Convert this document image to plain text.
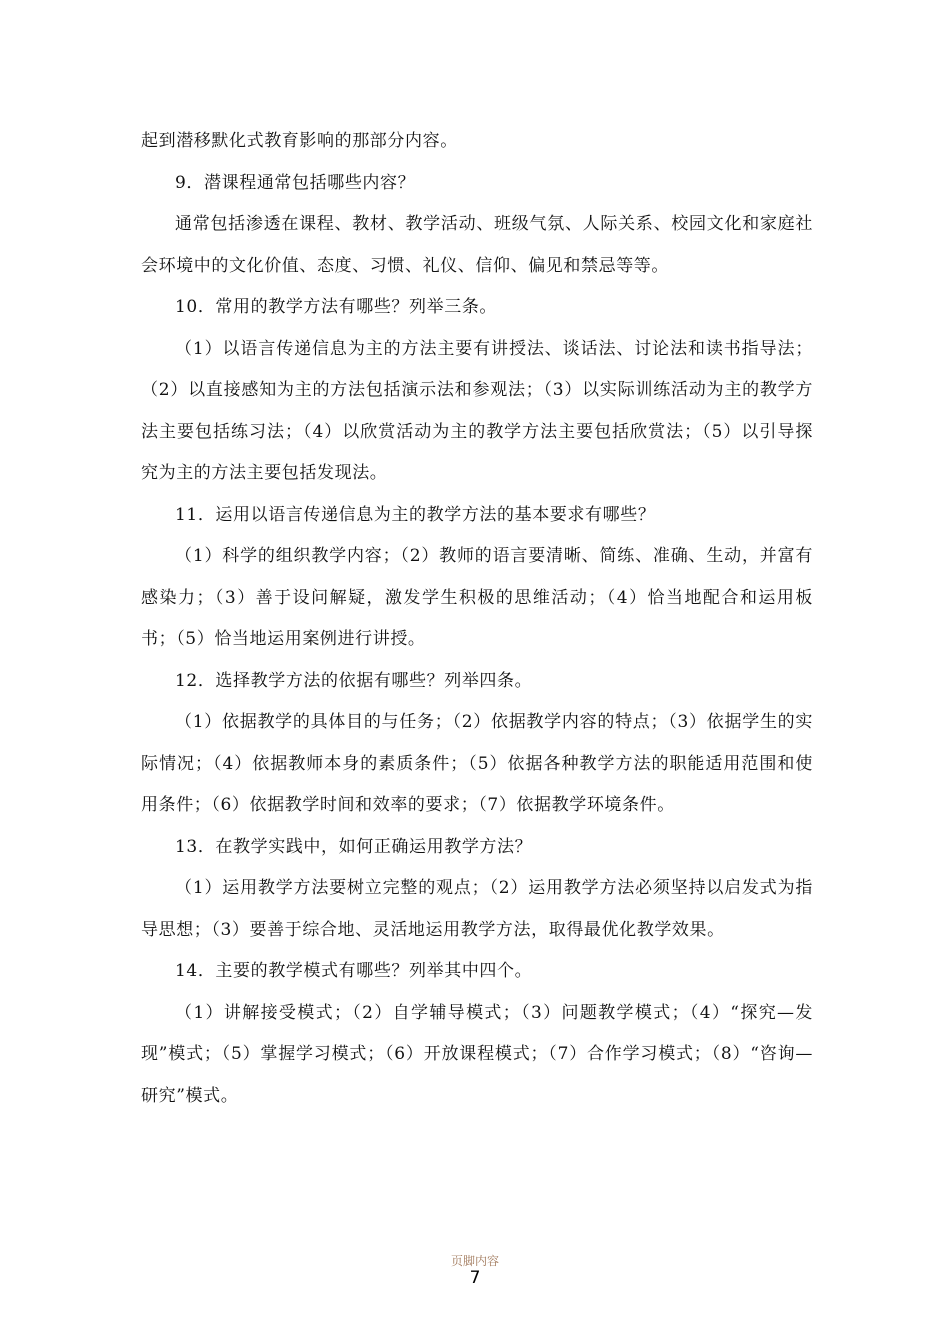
起到潜移默化式教育影响的那部分内容。

9．潜课程通常包括哪些内容？

通常包括渗透在课程、教材、教学活动、班级气氛、人际关系、校园文化和家庭社会环境中的文化价值、态度、习惯、礼仪、信仰、偏见和禁忌等等。

10．常用的教学方法有哪些？列举三条。

（1）以语言传递信息为主的方法主要有讲授法、谈话法、讨论法和读书指导法；（2）以直接感知为主的方法包括演示法和参观法；（3）以实际训练活动为主的教学方法主要包括练习法；（4）以欣赏活动为主的教学方法主要包括欣赏法；（5）以引导探究为主的方法主要包括发现法。

11．运用以语言传递信息为主的教学方法的基本要求有哪些？

（1）科学的组织教学内容；（2）教师的语言要清晰、简练、准确、生动，并富有感染力；（3）善于设问解疑，激发学生积极的思维活动；（4）恰当地配合和运用板书；（5）恰当地运用案例进行讲授。

12．选择教学方法的依据有哪些？列举四条。

（1）依据教学的具体目的与任务；（2）依据教学内容的特点；（3）依据学生的实际情况；（4）依据教师本身的素质条件；（5）依据各种教学方法的职能适用范围和使用条件；（6）依据教学时间和效率的要求；（7）依据教学环境条件。

13．在教学实践中，如何正确运用教学方法？

（1）运用教学方法要树立完整的观点；（2）运用教学方法必须坚持以启发式为指导思想；（3）要善于综合地、灵活地运用教学方法，取得最优化教学效果。

14．主要的教学模式有哪些？列举其中四个。

（1）讲解接受模式；（2）自学辅导模式；（3）问题教学模式；（4）“探究—发现”模式；（5）掌握学习模式；（6）开放课程模式；（7）合作学习模式；（8）“咨询—研究”模式。

页脚内容
7
